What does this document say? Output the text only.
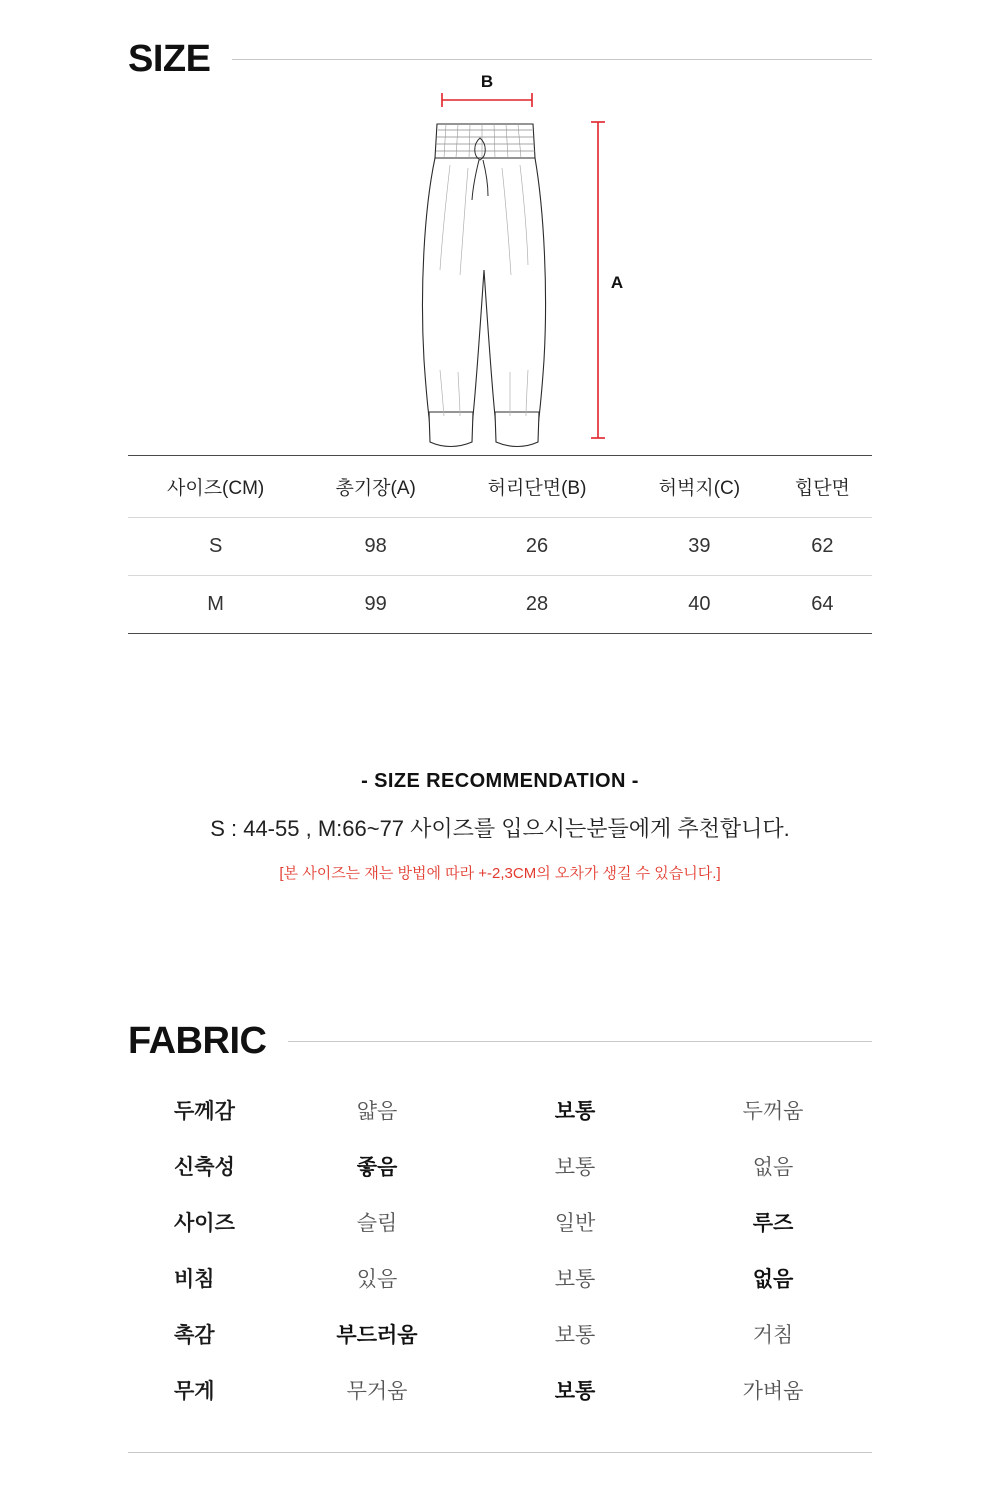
SIZE
B
A
사이즈(CM)	총기장(A)	허리단면(B)	허벅지(C)	힙단면
S	98	26	39	62
M	99	28	40	64
- SIZE RECOMMENDATION -
S : 44-55 , M:66~77 사이즈를 입으시는분들에게 추천합니다.
[본 사이즈는 재는 방법에 따라 +-2,3CM의 오차가 생길 수 있습니다.]
FABRIC
두께감	얇음	보통	두꺼움
신축성	좋음	보통	없음
사이즈	슬림	일반	루즈
비침	있음	보통	없음
촉감	부드러움	보통	거침
무게	무거움	보통	가벼움
